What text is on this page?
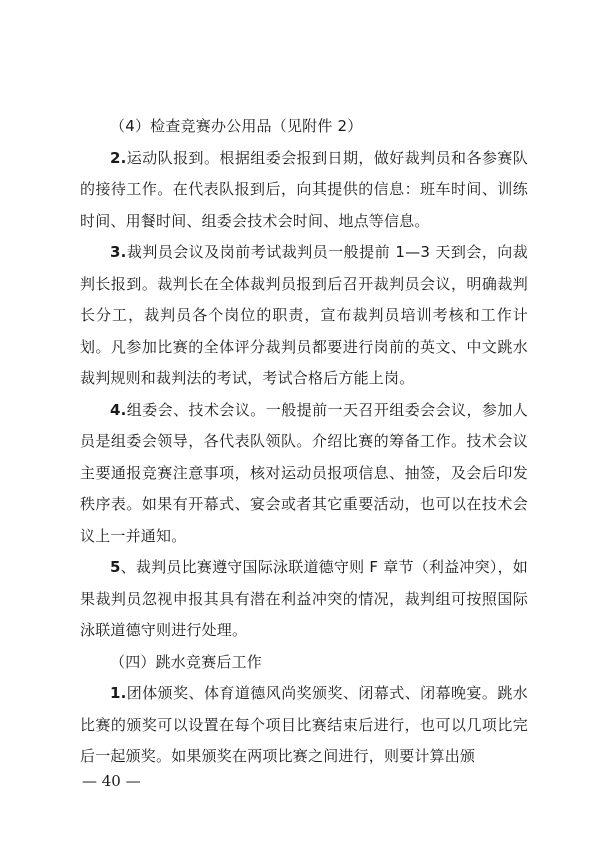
（4）检查竞赛办公用品（见附件 2）

2.运动队报到。根据组委会报到日期，做好裁判员和各参赛队的接待工作。在代表队报到后，向其提供的信息：班车时间、训练时间、用餐时间、组委会技术会时间、地点等信息。

3.裁判员会议及岗前考试裁判员一般提前 1—3 天到会，向裁判长报到。裁判长在全体裁判员报到后召开裁判员会议，明确裁判长分工，裁判员各个岗位的职责，宣布裁判员培训考核和工作计划。凡参加比赛的全体评分裁判员都要进行岗前的英文、中文跳水裁判规则和裁判法的考试，考试合格后方能上岗。

4.组委会、技术会议。一般提前一天召开组委会会议，参加人员是组委会领导，各代表队领队。介绍比赛的筹备工作。技术会议主要通报竞赛注意事项，核对运动员报项信息、抽签，及会后印发秩序表。如果有开幕式、宴会或者其它重要活动，也可以在技术会议上一并通知。

5、裁判员比赛遵守国际泳联道德守则 F 章节（利益冲突），如果裁判员忽视申报其具有潜在利益冲突的情况，裁判组可按照国际泳联道德守则进行处理。

（四）跳水竞赛后工作

1.团体颁奖、体育道德风尚奖颁奖、闭幕式、闭幕晚宴。跳水比赛的颁奖可以设置在每个项目比赛结束后进行，也可以几项比完后一起颁奖。如果颁奖在两项比赛之间进行，则要计算出颁

— 40 —
